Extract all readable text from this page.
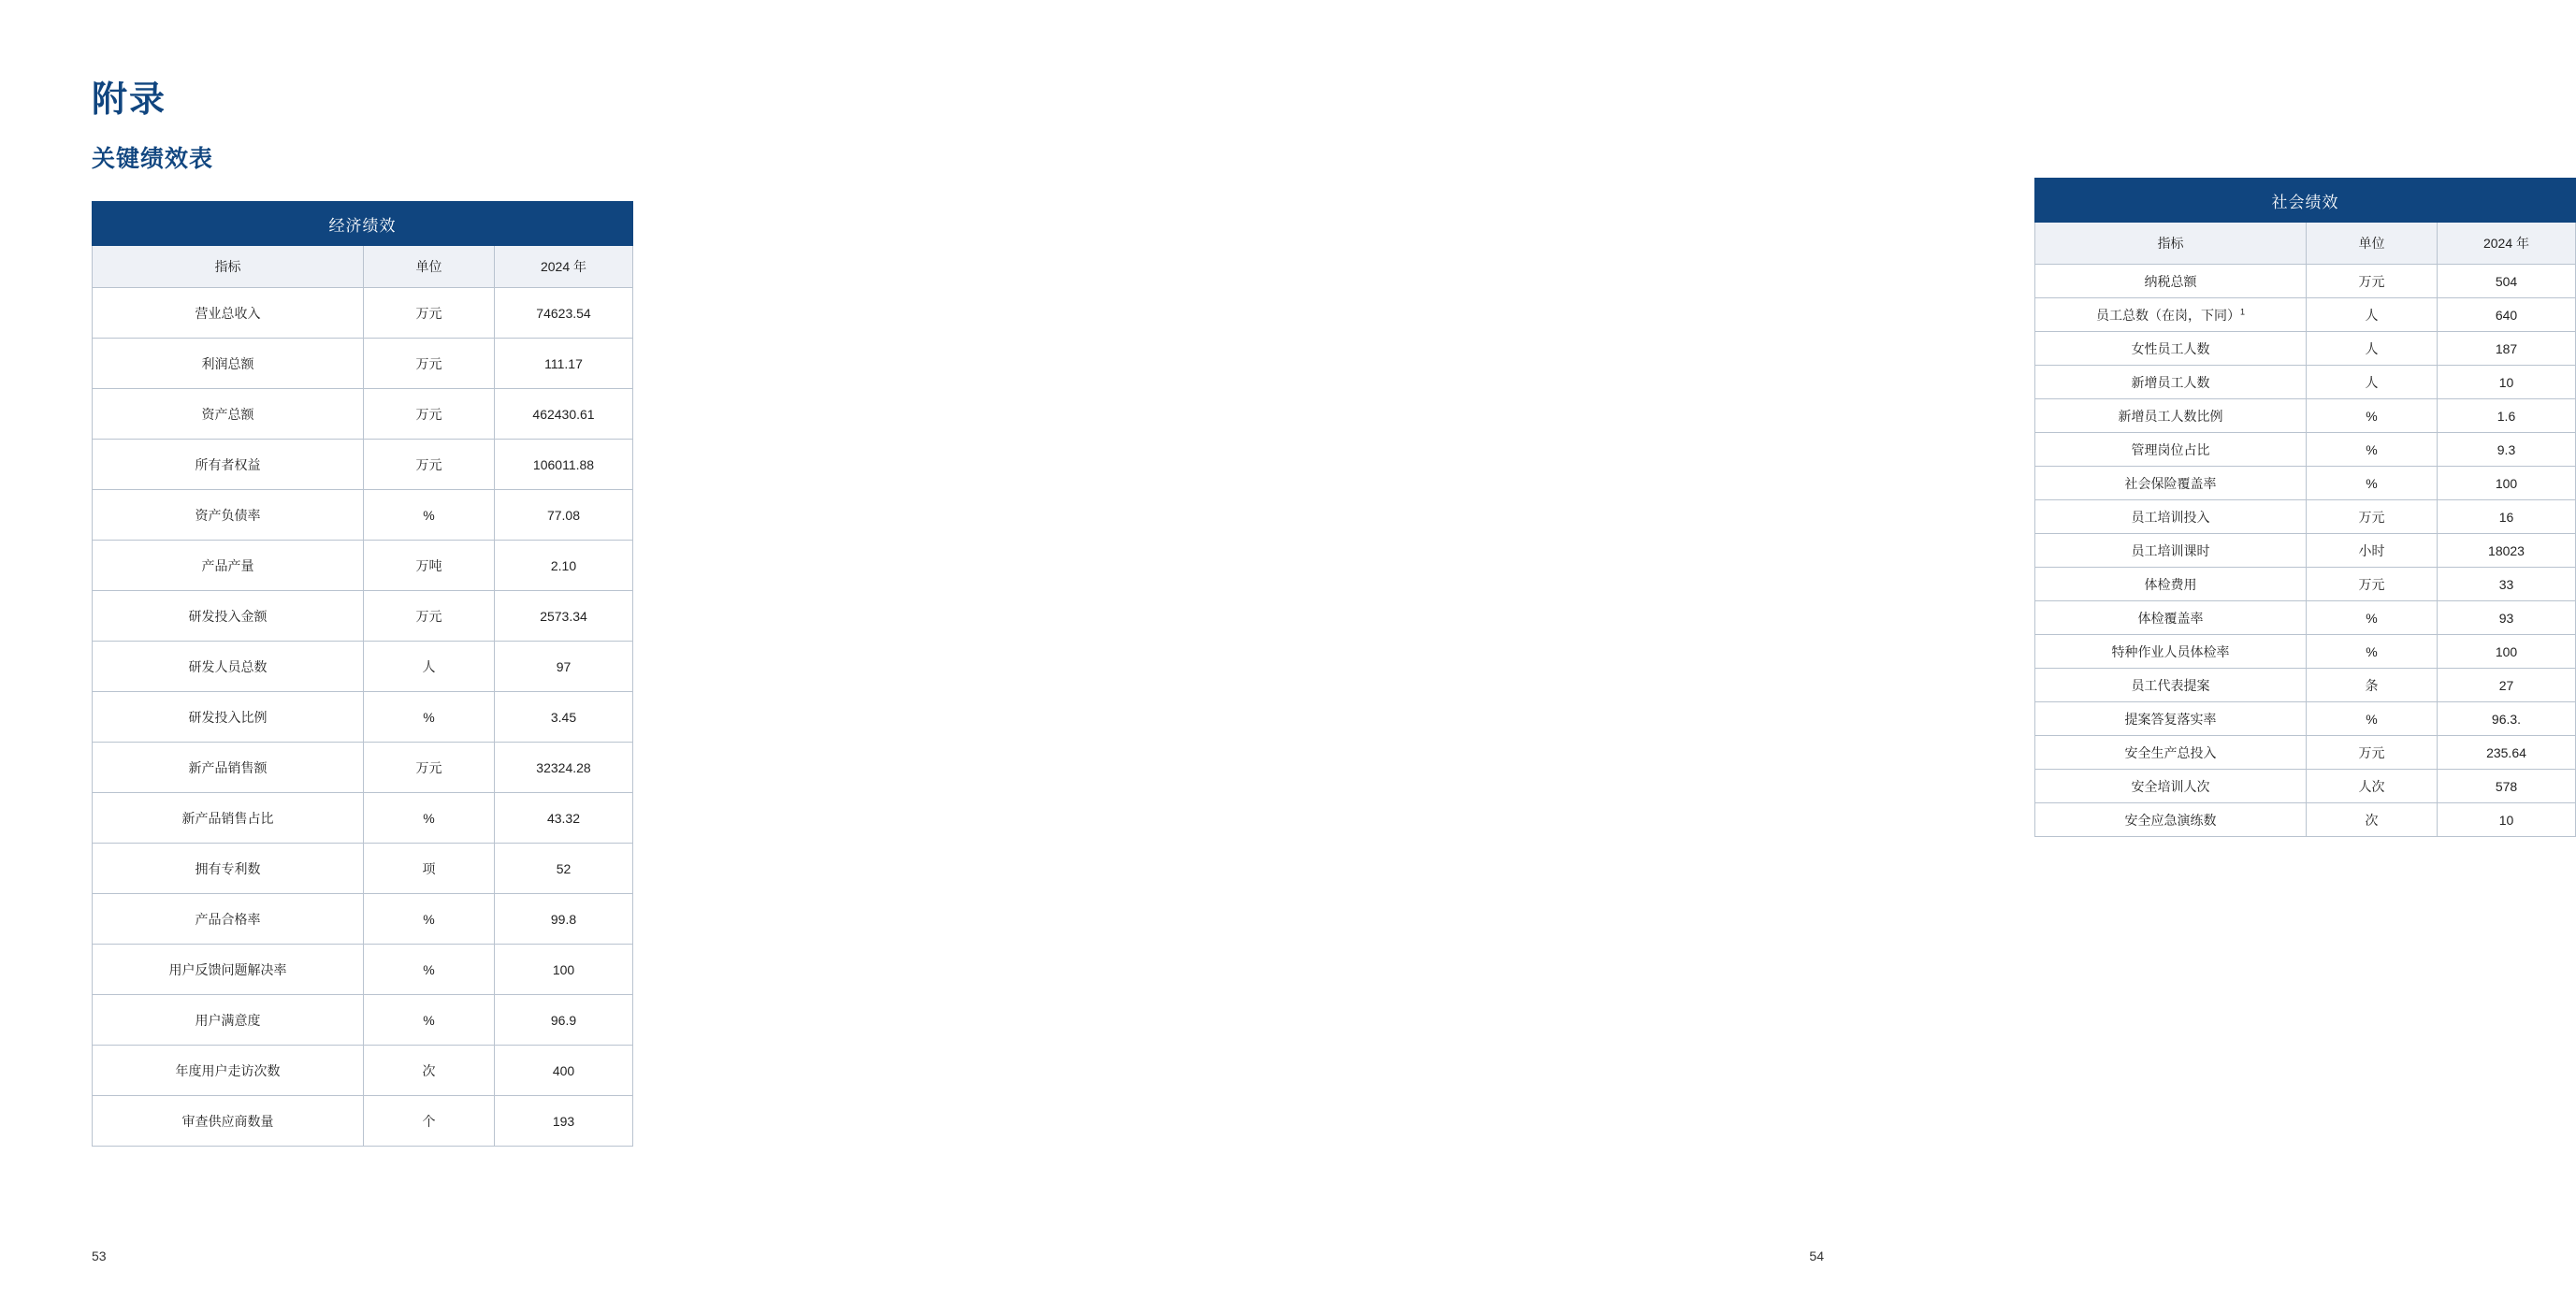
附录
关键绩效表
经济绩效		
指标	单位	2024 年
营业总收入	万元	74623.54
利润总额	万元	111.17
资产总额	万元	462430.61
所有者权益	万元	106011.88
资产负债率	%	77.08
产品产量	万吨	2.10
研发投入金额	万元	2573.34
研发人员总数	人	97
研发投入比例	%	3.45
新产品销售额	万元	32324.28
新产品销售占比	%	43.32
拥有专利数	项	52
产品合格率	%	99.8
用户反馈问题解决率	%	100
用户满意度	%	96.9
年度用户走访次数	次	400
审查供应商数量	个	193
53
社会绩效		
指标	单位	2024 年
纳税总额	万元	504
员工总数（在岗，下同）$^1$	人	640
女性员工人数	人	187
新增员工人数	人	10
新增员工人数比例	%	1.6
管理岗位占比	%	9.3
社会保险覆盖率	%	100
员工培训投入	万元	16
员工培训课时	小时	18023
体检费用	万元	33
体检覆盖率	%	93
特种作业人员体检率	%	100
员工代表提案	条	27
提案答复落实率	%	96.3.
安全生产总投入	万元	235.64
安全培训人次	人次	578
安全应急演练数	次	10
54
